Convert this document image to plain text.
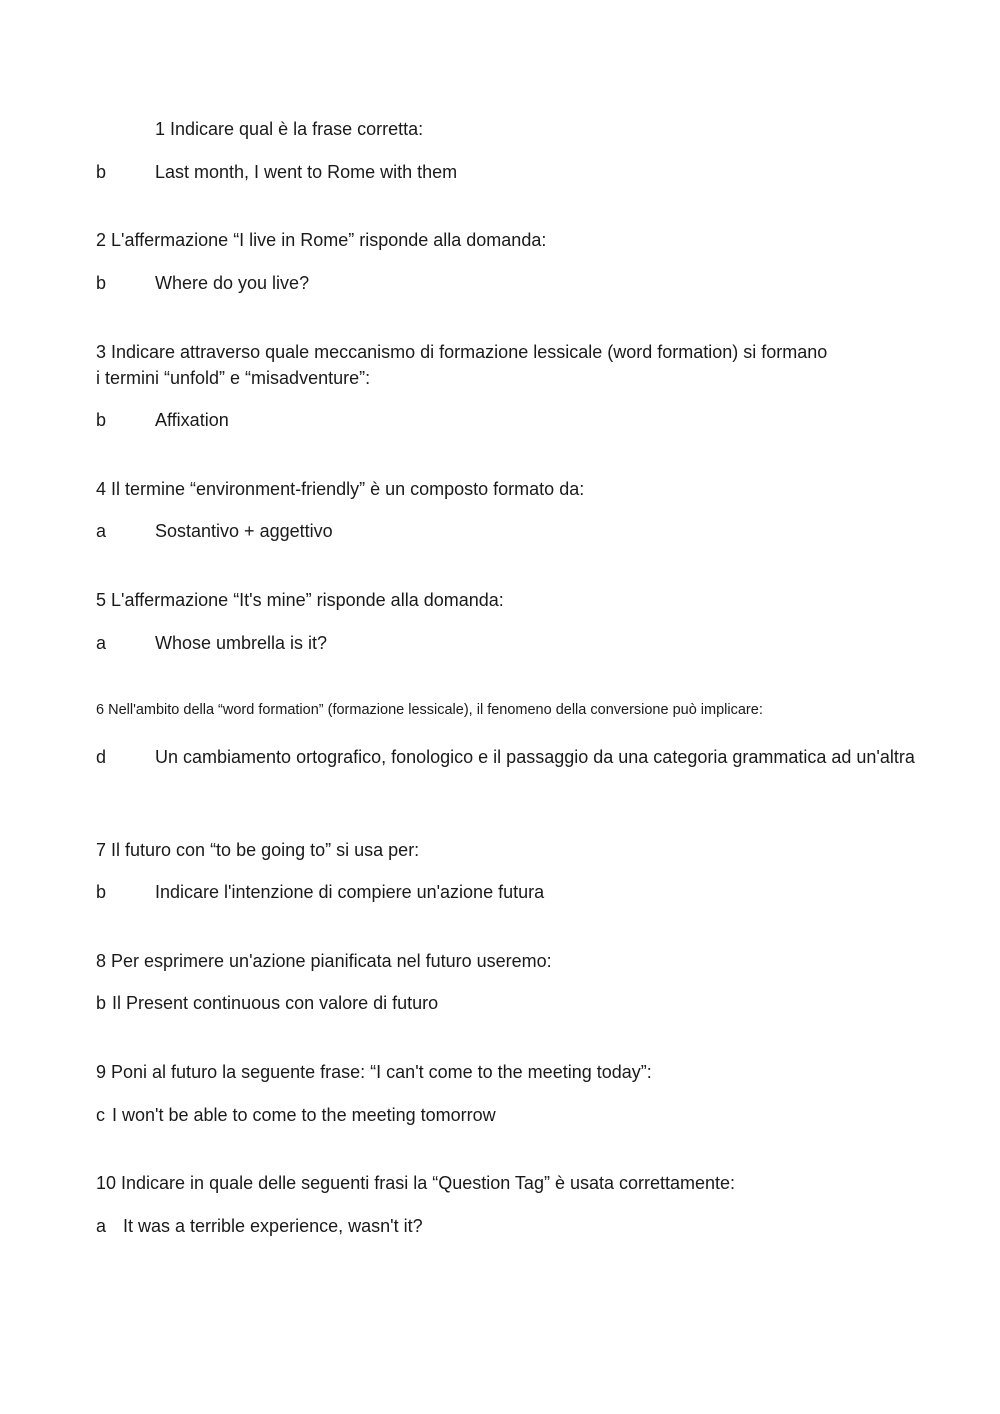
1 Indicare qual è la frase corretta:
b	Last month, I went to Rome with them
2 L'affermazione “I live in Rome” risponde alla domanda:
b	Where do you live?
3 Indicare attraverso quale meccanismo di formazione lessicale (word formation) si formano
i termini “unfold” e “misadventure”:
b	Affixation
4 Il termine “environment-friendly” è un composto formato da:
a	Sostantivo + aggettivo
5 L'affermazione “It's mine” risponde alla domanda:
a	Whose umbrella is it?
6 Nell'ambito della “word formation” (formazione lessicale), il fenomeno della conversione può implicare:
d	Un cambiamento ortografico, fonologico e il passaggio da una categoria grammatica ad un'altra
7 Il futuro con “to be going to” si usa per:
b	Indicare l'intenzione di compiere un'azione futura
8 Per esprimere un'azione pianificata nel futuro useremo:
b Il Present continuous con valore di futuro
9 Poni al futuro la seguente frase: “I can't come to the meeting today”:
c I won't be able to come to the meeting tomorrow
10 Indicare in quale delle seguenti frasi la “Question Tag” è usata correttamente:
a It was a terrible experience, wasn't it?
